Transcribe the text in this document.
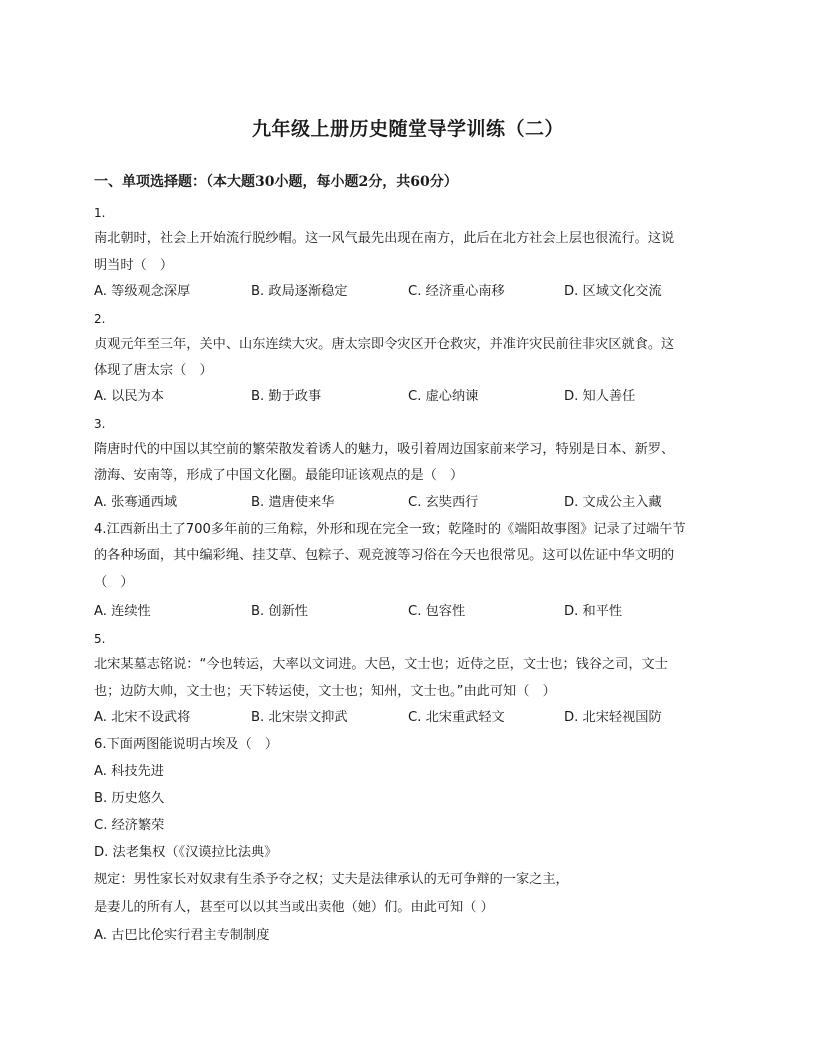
九年级上册历史随堂导学训练（二）
一、单项选择题：（本大题30小题，每小题2分，共60分）
1.
南北朝时，社会上开始流行脱纱帽。这一风气最先出现在南方，此后在北方社会上层也很流行。这说
明当时（　）
A. 等级观念深厚	B. 政局逐渐稳定	C. 经济重心南移	D. 区域文化交流
2.
贞观元年至三年，关中、山东连续大灾。唐太宗即令灾区开仓救灾，并准许灾民前往非灾区就食。这
体现了唐太宗（　）
A. 以民为本	B. 勤于政事	C. 虚心纳谏	D. 知人善任
3.
隋唐时代的中国以其空前的繁荣散发着诱人的魅力，吸引着周边国家前来学习，特别是日本、新罗、
渤海、安南等，形成了中国文化圈。最能印证该观点的是（　）
A. 张骞通西域	B. 遣唐使来华	C. 玄奘西行	D. 文成公主入藏
4.江西新出土了700多年前的三角粽，外形和现在完全一致；乾隆时的《端阳故事图》记录了过端午节
的各种场面，其中编彩绳、挂艾草、包粽子、观竞渡等习俗在今天也很常见。这可以佐证中华文明的
（　）
A. 连续性	B. 创新性	C. 包容性	D. 和平性
5.
北宋某墓志铭说：“今也转运，大率以文词进。大邑，文士也；近侍之臣，文士也；钱谷之司，文士
也；边防大帅，文士也；天下转运使，文士也；知州，文士也。”由此可知（　）
A. 北宋不设武将	B. 北宋崇文抑武	C. 北宋重武轻文	D. 北宋轻视国防
6.下面两图能说明古埃及（　）
A. 科技先进
B. 历史悠久
C. 经济繁荣
D. 法老集权（《汉谟拉比法典》
规定：男性家长对奴隶有生杀予夺之权；丈夫是法律承认的无可争辩的一家之主，
是妻儿的所有人，甚至可以以其当或出卖他（她）们。由此可知（ ）
A. 古巴比伦实行君主专制制度
